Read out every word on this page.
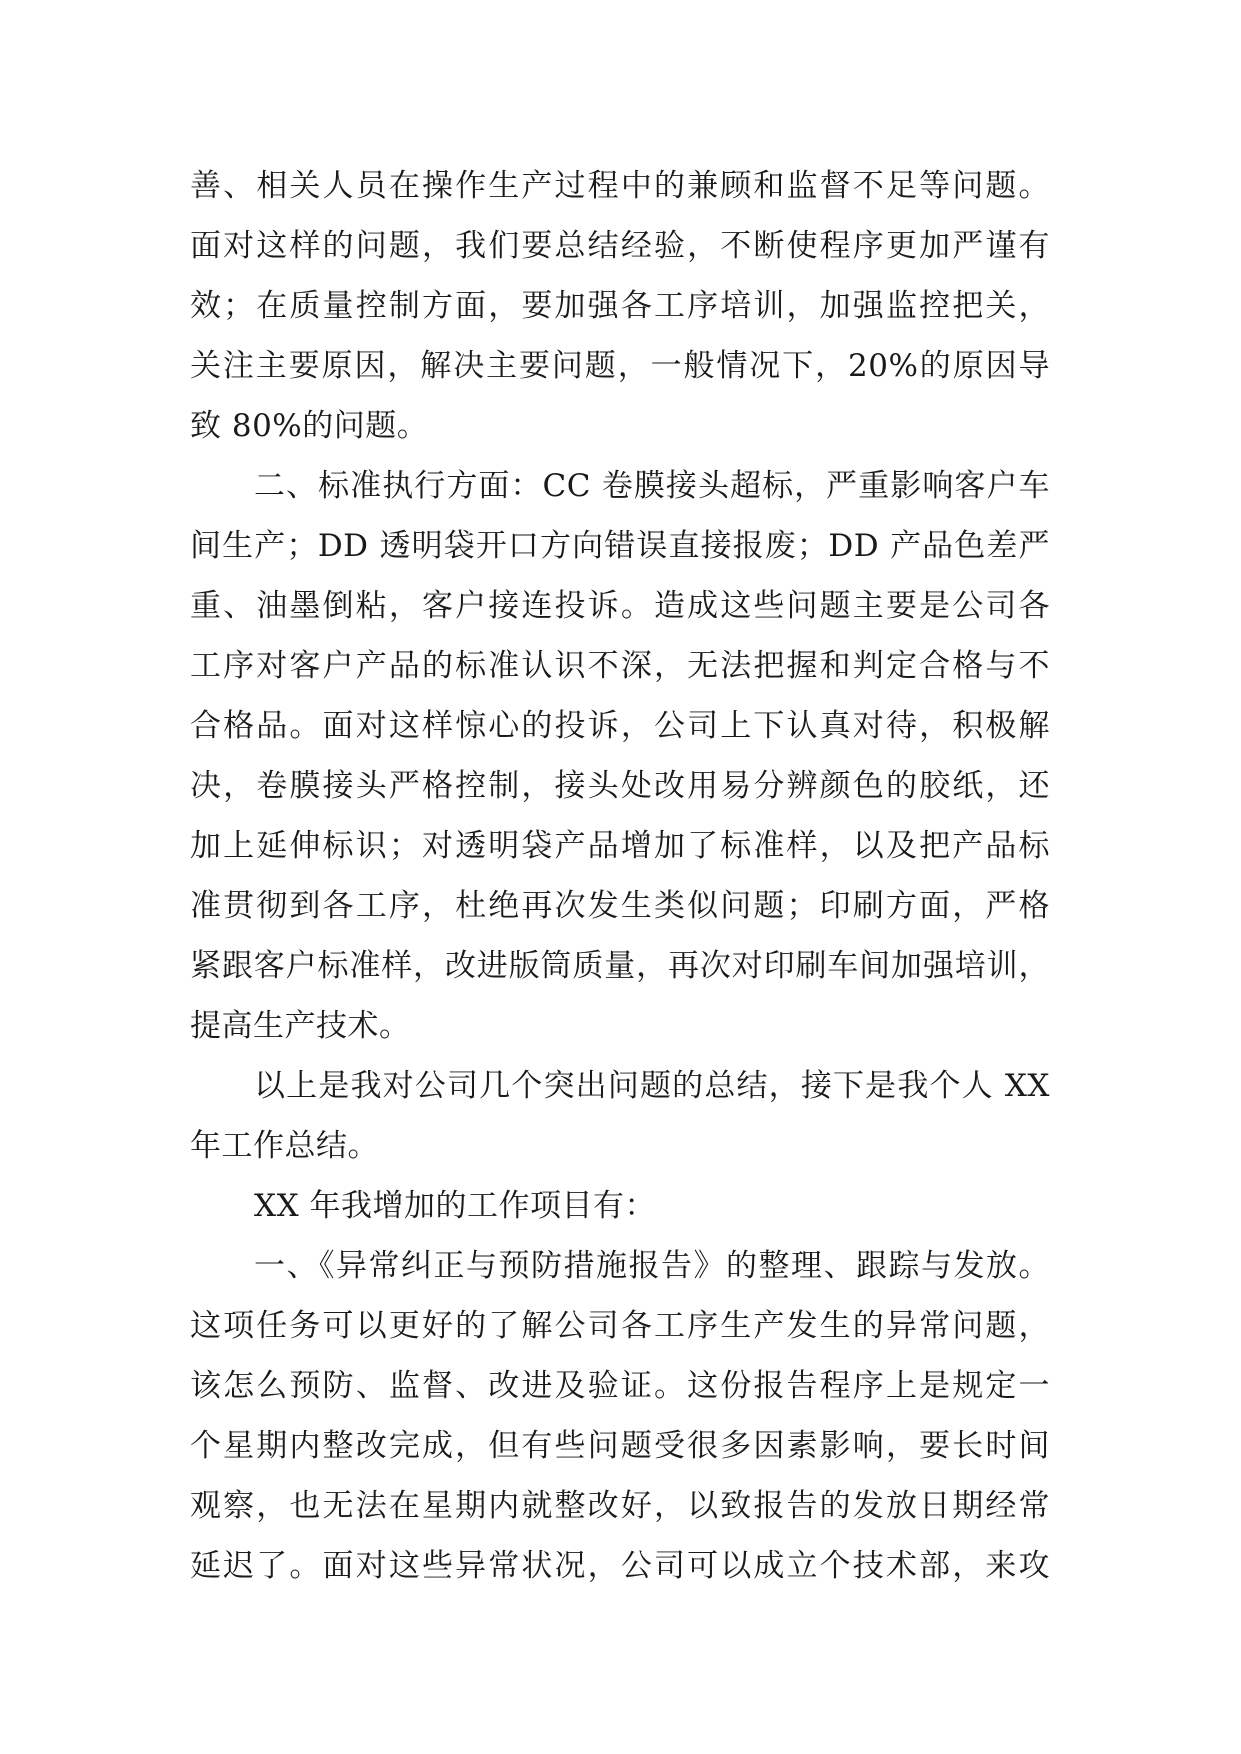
善、相关人员在操作生产过程中的兼顾和监督不足等问题。
面对这样的问题，我们要总结经验，不断使程序更加严谨有
效；在质量控制方面，要加强各工序培训，加强监控把关，
关注主要原因，解决主要问题，一般情况下，20%的原因导
致 80%的问题。
二、标准执行方面：CC 卷膜接头超标，严重影响客户车
间生产；DD 透明袋开口方向错误直接报废；DD 产品色差严
重、油墨倒粘，客户接连投诉。造成这些问题主要是公司各
工序对客户产品的标准认识不深，无法把握和判定合格与不
合格品。面对这样惊心的投诉，公司上下认真对待，积极解
决，卷膜接头严格控制，接头处改用易分辨颜色的胶纸，还
加上延伸标识；对透明袋产品增加了标准样，以及把产品标
准贯彻到各工序，杜绝再次发生类似问题；印刷方面，严格
紧跟客户标准样，改进版筒质量，再次对印刷车间加强培训，
提高生产技术。
以上是我对公司几个突出问题的总结，接下是我个人 XX
年工作总结。
XX 年我增加的工作项目有：
一、《异常纠正与预防措施报告》的整理、跟踪与发放。
这项任务可以更好的了解公司各工序生产发生的异常问题，
该怎么预防、监督、改进及验证。这份报告程序上是规定一
个星期内整改完成，但有些问题受很多因素影响，要长时间
观察，也无法在星期内就整改好，以致报告的发放日期经常
延迟了。面对这些异常状况，公司可以成立个技术部，来攻
